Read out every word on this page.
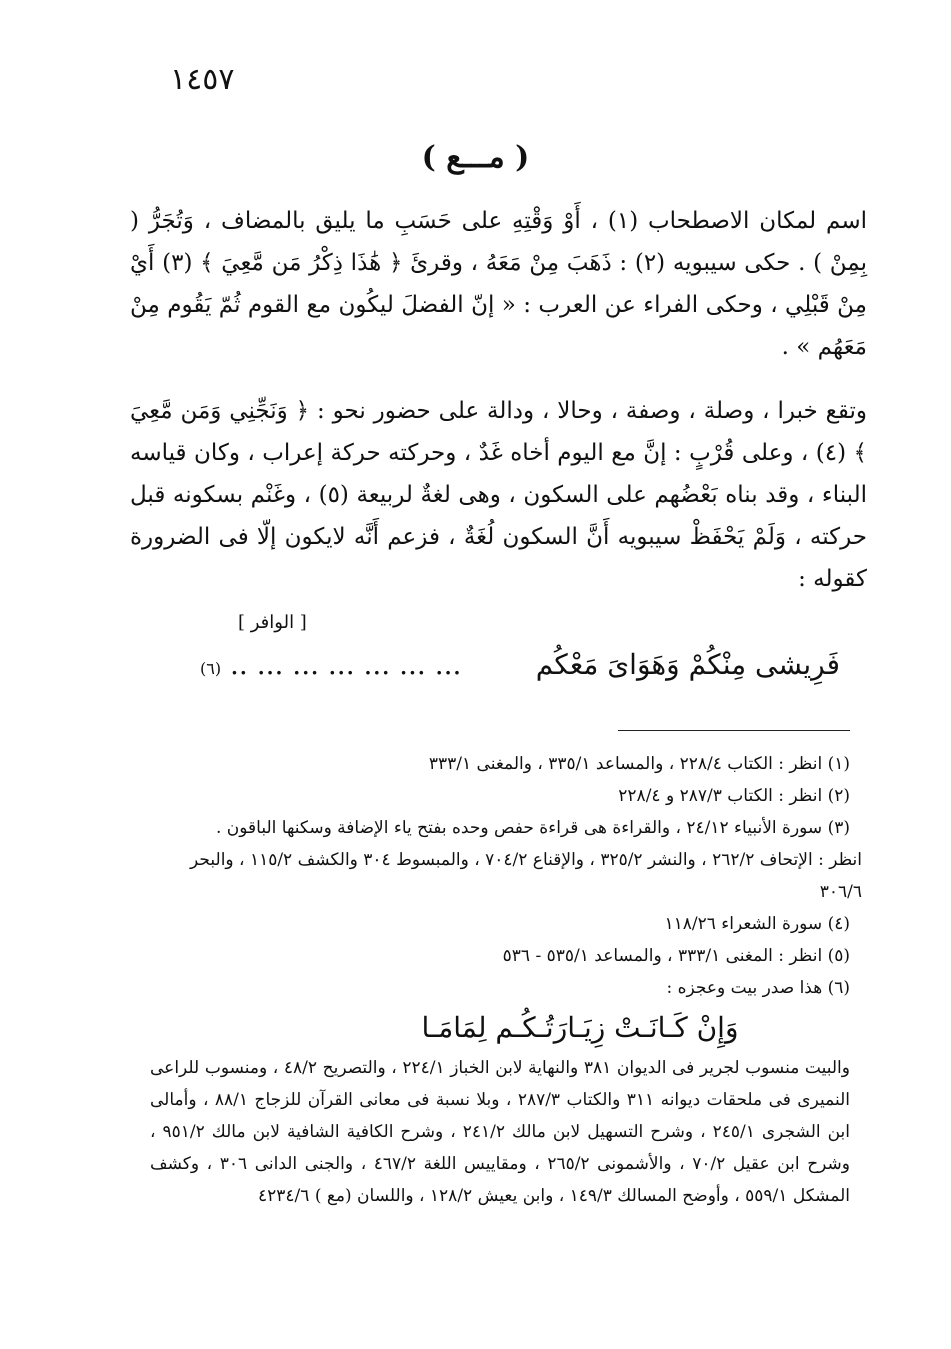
١٤٥٧
( مـــع )

اسم لمكان الاصطحاب (١) ، أَوْ وَقْتِهِ على حَسَبِ ما يليق بالمضاف ، وَتُجَرُّ ( بِمِنْ ) . حكى سيبويه (٢) : ذَهَبَ مِنْ مَعَهُ ، وقرئَ ﴿ هَٰذَا ذِكْرُ مَن مَّعِيَ ﴾ (٣) أَيْ مِنْ قَبْلِي ، وحكى الفراء عن العرب : « إنّ الفضلَ ليكُون مع القوم ثُمّ يَقُوم مِنْ مَعَهُم » .

وتقع خبرا ، وصلة ، وصفة ، وحالا ، ودالة على حضور نحو : ﴿ وَنَجِّنِي وَمَن مَّعِيَ ﴾ (٤) ، وعلى قُرْبٍ : إنَّ مع اليوم أخاه غَدٌ ، وحركته حركة إعراب ، وكان قياسه البناء ، وقد بناه بَعْضُهم على السكون ، وهى لغةٌ لربيعة (٥) ، وغَنْم بسكونه قبل حركته ، وَلَمْ يَحْفَظْ سيبويه أَنَّ السكون لُغَةٌ ، فزعم أَنَّه لايكون إلّا فى الضرورة كقوله :

[ الوافر ]
فَرِيشى مِنْكُمْ وَهَوَاىَ مَعْكُم
... ... ... ... ... ... .. (٦)
(١) انظر : الكتاب ٢٢٨/٤ ، والمساعد ٣٣٥/١ ، والمغنى ٣٣٣/١
(٢) انظر : الكتاب ٢٨٧/٣ و ٢٢٨/٤
(٣) سورة الأنبياء ٢٤/١٢ ، والقراءة هى قراءة حفص وحده بفتح ياء الإضافة وسكنها الباقون .
انظر : الإتحاف ٢٦٢/٢ ، والنشر ٣٢٥/٢ ، والإقناع ٧٠٤/٢ ، والمبسوط ٣٠٤ والكشف ١١٥/٢ ، والبحر ٣٠٦/٦
(٤) سورة الشعراء ١١٨/٢٦
(٥) انظر : المغنى ٣٣٣/١ ، والمساعد ٥٣٥/١ - ٥٣٦
(٦) هذا صدر بيت وعجزه :
وَإِنْ كَـانَـتْ زِيَـارَتُـكُـم لِمَامَـا
والبيت منسوب لجرير فى الديوان ٣٨١ والنهاية لابن الخباز ٢٢٤/١ ، والتصريح ٤٨/٢ ، ومنسوب للراعى النميرى فى ملحقات ديوانه ٣١١ والكتاب ٢٨٧/٣ ، وبلا نسبة فى معانى القرآن للزجاج ٨٨/١ ، وأمالى ابن الشجرى ٢٤٥/١ ، وشرح التسهيل لابن مالك ٢٤١/٢ ، وشرح الكافية الشافية لابن مالك ٩٥١/٢ ، وشرح ابن عقيل ٧٠/٢ ، والأشمونى ٢٦٥/٢ ، ومقاييس اللغة ٤٦٧/٢ ، والجنى الدانى ٣٠٦ ، وكشف المشكل ٥٥٩/١ ، وأوضح المسالك ١٤٩/٣ ، وابن يعيش ١٢٨/٢ ، واللسان (مع ) ٤٢٣٤/٦
